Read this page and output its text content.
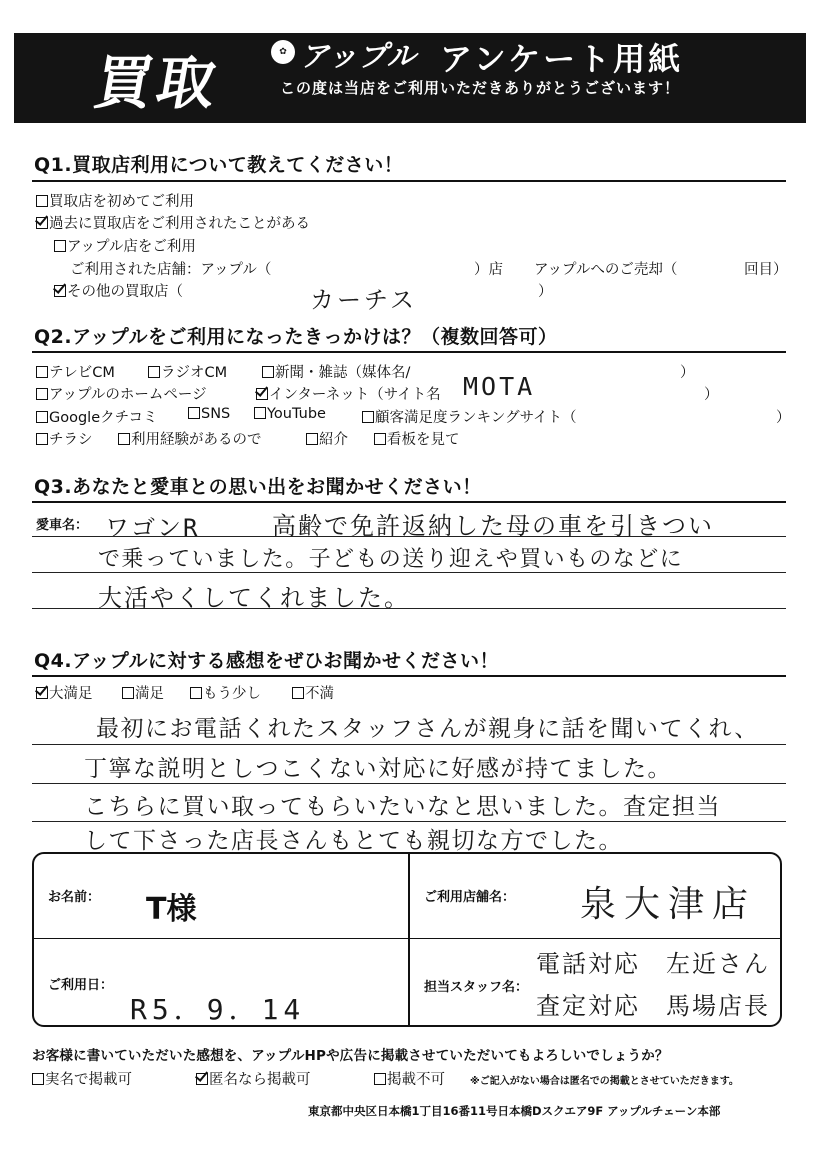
買取	✿ アップル アンケート用紙
この度は当店をご利用いただきありがとうございます！
Q1.買取店利用について教えてください！
買取店を初めてご利用
過去に買取店をご利用されたことがある
アップル店をご利用
ご利用された店舗：アップル（	）店 アップルへのご売却（	回目）
その他の買取店（	）
カーチス
Q2.アップルをご利用になったきっかけは？（複数回答可）
テレビCM	ラジオCM	新聞・雑誌（媒体名/	）
アップルのホームページ	インターネット（サイト名 MOTA	）
Googleクチコミ	SNS	YouTube	顧客満足度ランキングサイト（	）
チラシ	利用経験があるので	紹介	看板を見て
Q3.あなたと愛車との思い出をお聞かせください！
愛車名： ワゴンR	高齢で免許返納した母の車を引きつい
で乗っていました。子どもの送り迎えや買いものなどに
大活やくしてくれました。
Q4.アップルに対する感想をぜひお聞かせください！
大満足	満足	もう少し	不満
最初にお電話くれたスタッフさんが親身に話を聞いてくれ、
丁寧な説明としつこくない対応に好感が持てました。
こちらに買い取ってもらいたいなと思いました。査定担当
して下さった店長さんもとても親切な方でした。
お名前： T様	ご利用店舗名： 泉大津店
ご利用日：
R5．9．14
担当スタッフ名：
電話対応　左近さん
査定対応　馬場店長
お客様に書いていただいた感想を、アップルHPや広告に掲載させていただいてもよろしいでしょうか？
実名で掲載可	匿名なら掲載可	掲載不可	※ご記入がない場合は匿名での掲載とさせていただきます。
東京都中央区日本橋1丁目16番11号日本橋Dスクエア9F アップルチェーン本部
